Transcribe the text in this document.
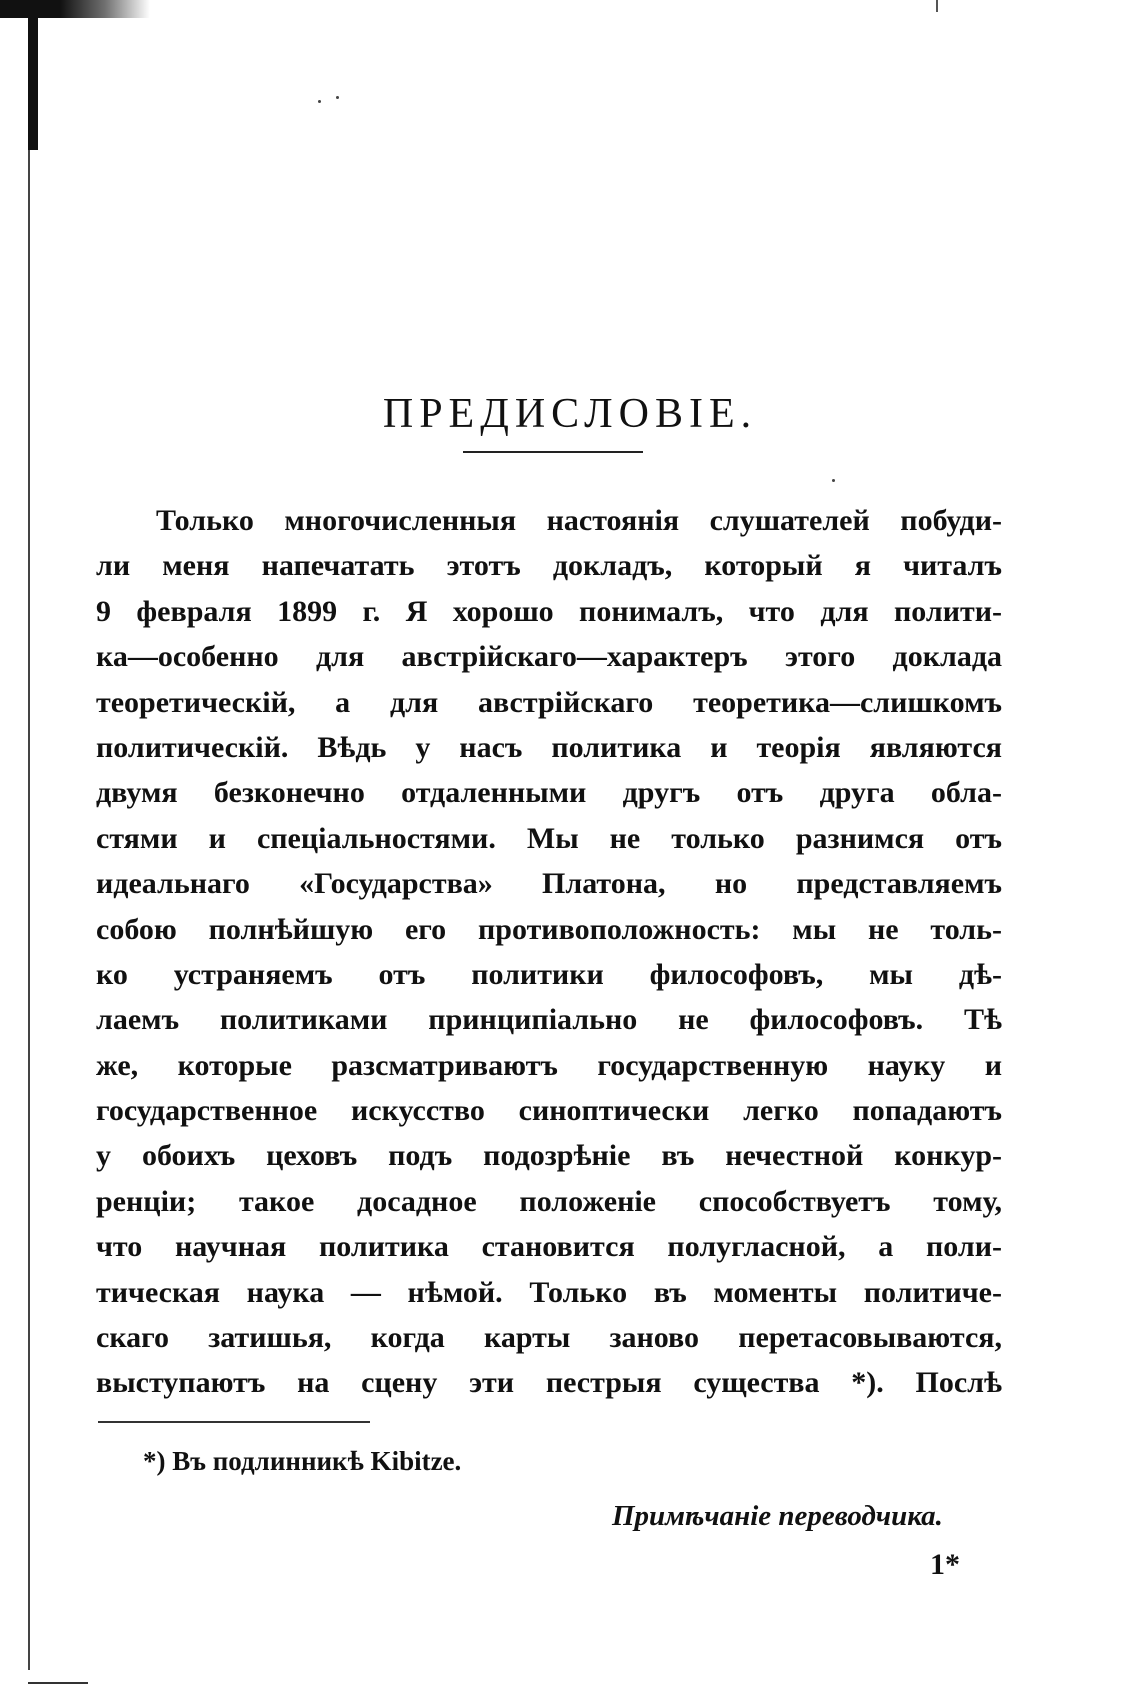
ПРЕДИСЛОВІЕ.
Только многочисленныя настоянія слушателей побуди-
ли меня напечатать этотъ докладъ, который я читалъ
9 февраля 1899 г. Я хорошо понималъ, что для полити-
ка—особенно для австрійскаго—характеръ этого доклада
теоретическій, а для австрійскаго теоретика—слишкомъ
политическій. Вѣдь у насъ политика и теорія являются
двумя безконечно отдаленными другъ отъ друга обла-
стями и спеціальностями. Мы не только разнимся отъ
идеальнаго «Государства» Платона, но представляемъ
собою полнѣйшую его противоположность: мы не толь-
ко устраняемъ отъ политики философовъ, мы дѣ-
лаемъ политиками принципіально не философовъ. Тѣ
же, которые разсматриваютъ государственную науку и
государственное искусство синоптически легко попадаютъ
у обоихъ цеховъ подъ подозрѣніе въ нечестной конкур-
ренціи; такое досадное положеніе способствуетъ тому,
что научная политика становится полугласной, а поли-
тическая наука — нѣмой. Только въ моменты политиче-
скаго затишья, когда карты заново перетасовываются,
выступаютъ на сцену эти пестрыя существа *). Послѣ
*) Въ подлинникѣ Kibitze.
Примѣчаніе переводчика.
1*
